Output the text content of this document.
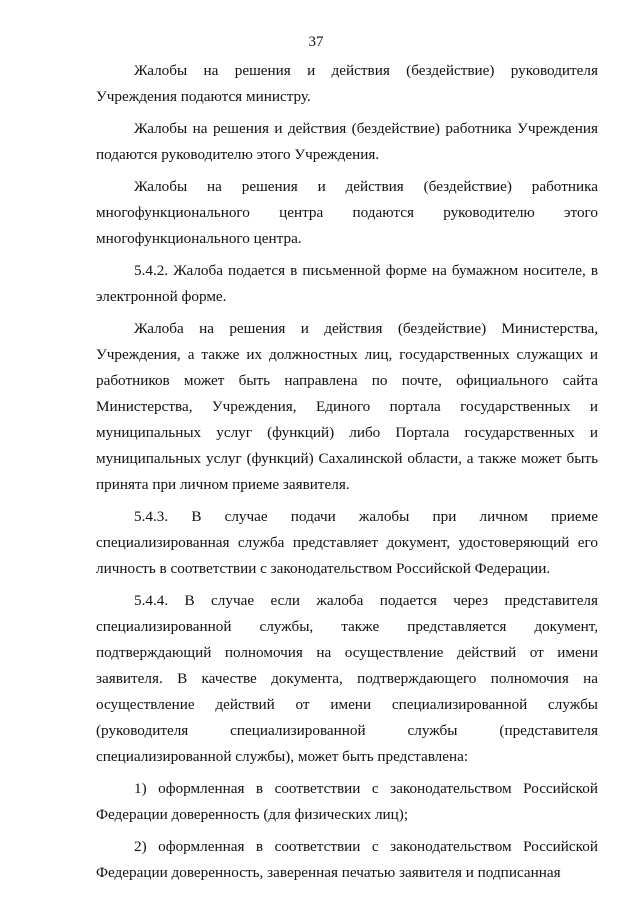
37

Жалобы на решения и действия (бездействие) руководителя Учреждения подаются министру.

Жалобы на решения и действия (бездействие) работника Учреждения подаются руководителю этого Учреждения.

Жалобы на решения и действия (бездействие) работника многофункционального центра подаются руководителю этого многофункционального центра.

5.4.2. Жалоба подается в письменной форме на бумажном носителе, в электронной форме.

Жалоба на решения и действия (бездействие) Министерства, Учреждения, а также их должностных лиц, государственных служащих и работников может быть направлена по почте, официального сайта Министерства, Учреждения, Единого портала государственных и муниципальных услуг (функций) либо Портала государственных и муниципальных услуг (функций) Сахалинской области, а также может быть принята при личном приеме заявителя.

5.4.3. В случае подачи жалобы при личном приеме специализированная служба представляет документ, удостоверяющий его личность в соответствии с законодательством Российской Федерации.

5.4.4. В случае если жалоба подается через представителя специализированной службы, также представляется документ, подтверждающий полномочия на осуществление действий от имени заявителя. В качестве документа, подтверждающего полномочия на осуществление действий от имени специализированной службы (руководителя специализированной службы (представителя специализированной службы), может быть представлена:

1) оформленная в соответствии с законодательством Российской Федерации доверенность (для физических лиц);

2) оформленная в соответствии с законодательством Российской Федерации доверенность, заверенная печатью заявителя и подписанная
